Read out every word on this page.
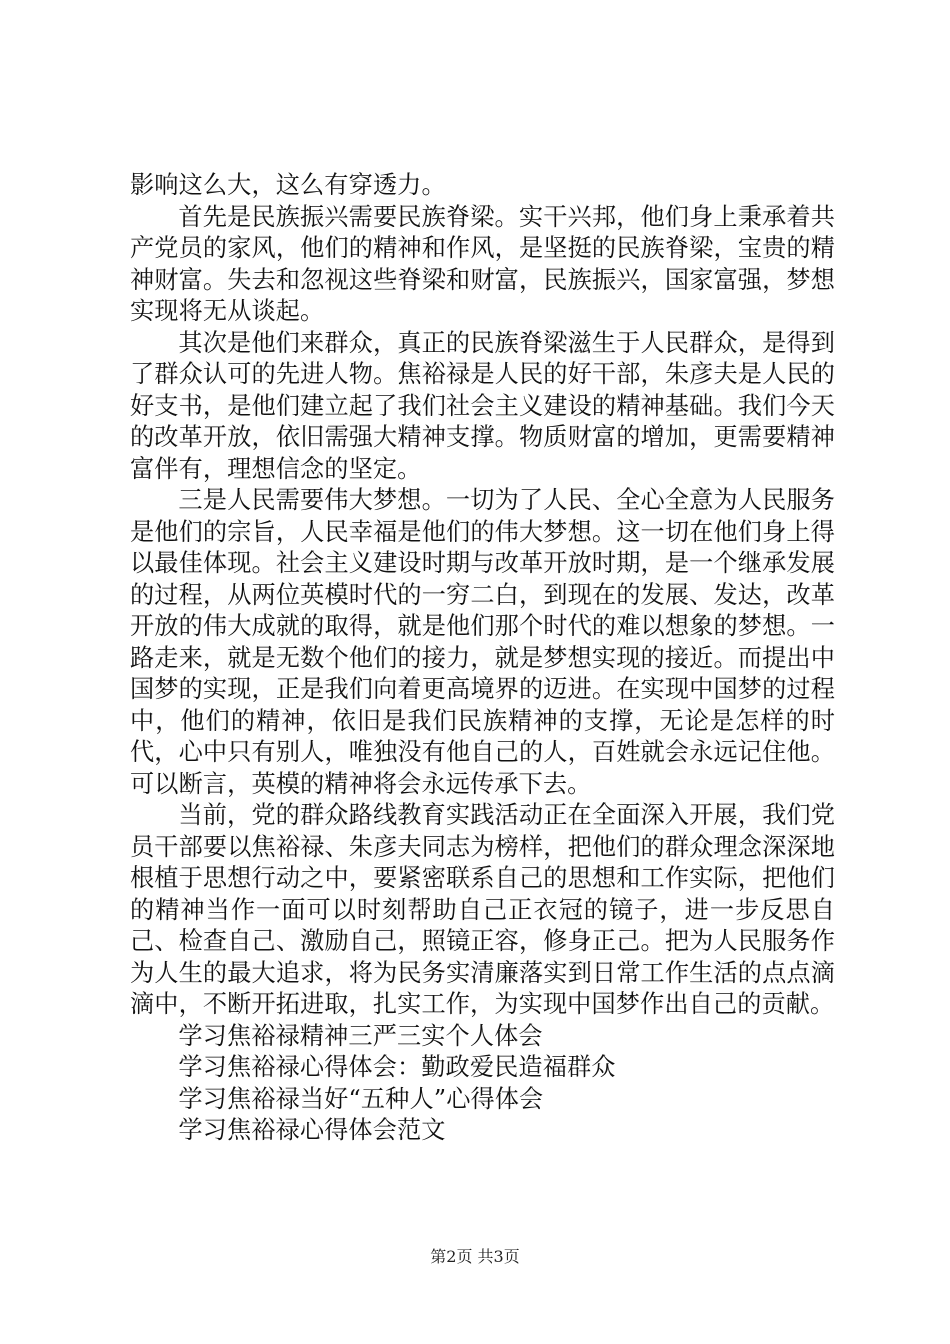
影响这么大，这么有穿透力。

首先是民族振兴需要民族脊梁。实干兴邦，他们身上秉承着共产党员的家风，他们的精神和作风，是坚挺的民族脊梁，宝贵的精神财富。失去和忽视这些脊梁和财富，民族振兴，国家富强，梦想实现将无从谈起。

其次是他们来群众，真正的民族脊梁滋生于人民群众，是得到了群众认可的先进人物。焦裕禄是人民的好干部，朱彦夫是人民的好支书，是他们建立起了我们社会主义建设的精神基础。我们今天的改革开放，依旧需强大精神支撑。物质财富的增加，更需要精神富伴有，理想信念的坚定。

三是人民需要伟大梦想。一切为了人民、全心全意为人民服务是他们的宗旨，人民幸福是他们的伟大梦想。这一切在他们身上得以最佳体现。社会主义建设时期与改革开放时期，是一个继承发展的过程，从两位英模时代的一穷二白，到现在的发展、发达，改革开放的伟大成就的取得，就是他们那个时代的难以想象的梦想。一路走来，就是无数个他们的接力，就是梦想实现的接近。而提出中国梦的实现，正是我们向着更高境界的迈进。在实现中国梦的过程中，他们的精神，依旧是我们民族精神的支撑，无论是怎样的时代，心中只有别人，唯独没有他自己的人，百姓就会永远记住他。可以断言，英模的精神将会永远传承下去。

当前，党的群众路线教育实践活动正在全面深入开展，我们党员干部要以焦裕禄、朱彦夫同志为榜样，把他们的群众理念深深地根植于思想行动之中，要紧密联系自己的思想和工作实际，把他们的精神当作一面可以时刻帮助自己正衣冠的镜子，进一步反思自己、检查自己、激励自己，照镜正容，修身正己。把为人民服务作为人生的最大追求，将为民务实清廉落实到日常工作生活的点点滴滴中，不断开拓进取，扎实工作，为实现中国梦作出自己的贡献。

学习焦裕禄精神三严三实个人体会

学习焦裕禄心得体会：勤政爱民造福群众

学习焦裕禄当好“五种人”心得体会

学习焦裕禄心得体会范文

第2页 共3页
